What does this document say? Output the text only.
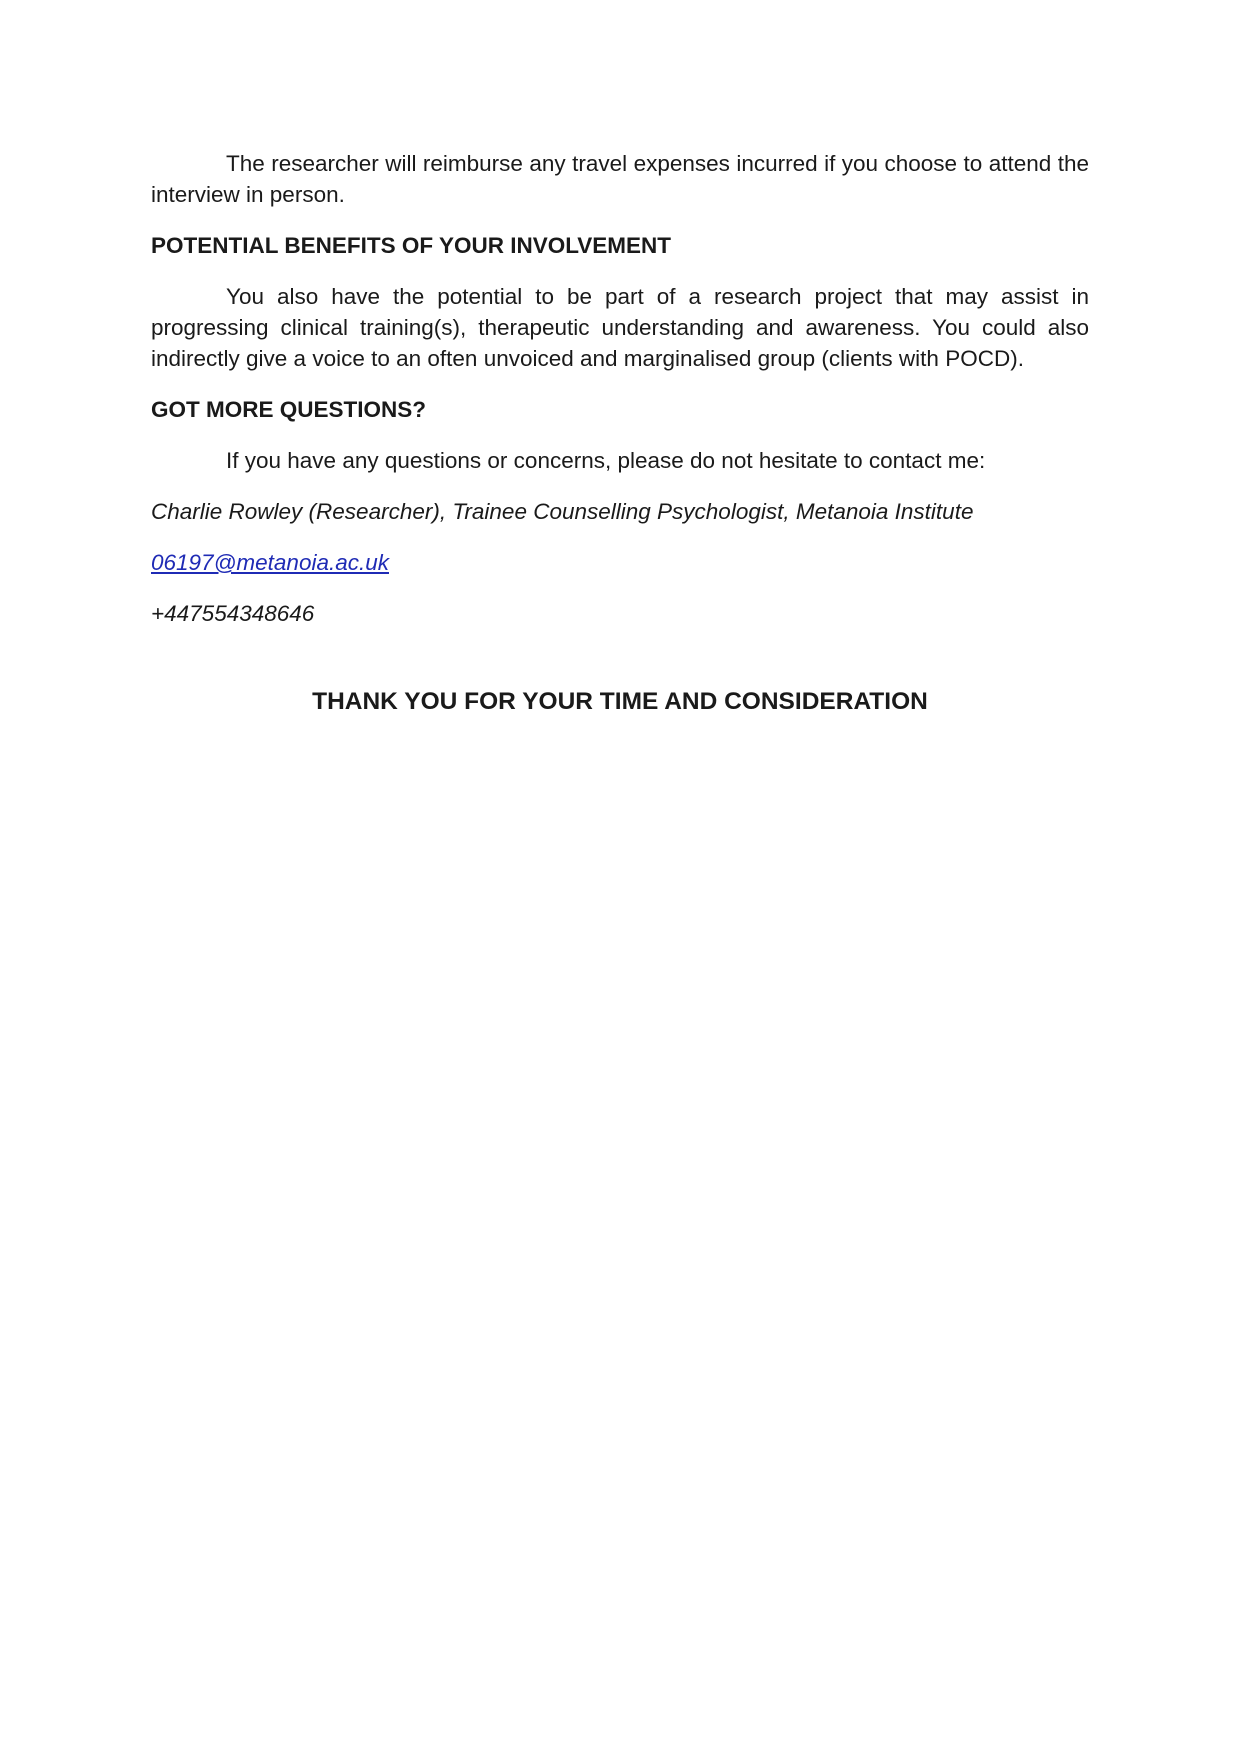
The researcher will reimburse any travel expenses incurred if you choose to attend the interview in person.

POTENTIAL BENEFITS OF YOUR INVOLVEMENT

You also have the potential to be part of a research project that may assist in progressing clinical training(s), therapeutic understanding and awareness. You could also indirectly give a voice to an often unvoiced and marginalised group (clients with POCD).

GOT MORE QUESTIONS?

If you have any questions or concerns, please do not hesitate to contact me:

Charlie Rowley (Researcher), Trainee Counselling Psychologist, Metanoia Institute

06197@metanoia.ac.uk

+447554348646

THANK YOU FOR YOUR TIME AND CONSIDERATION
